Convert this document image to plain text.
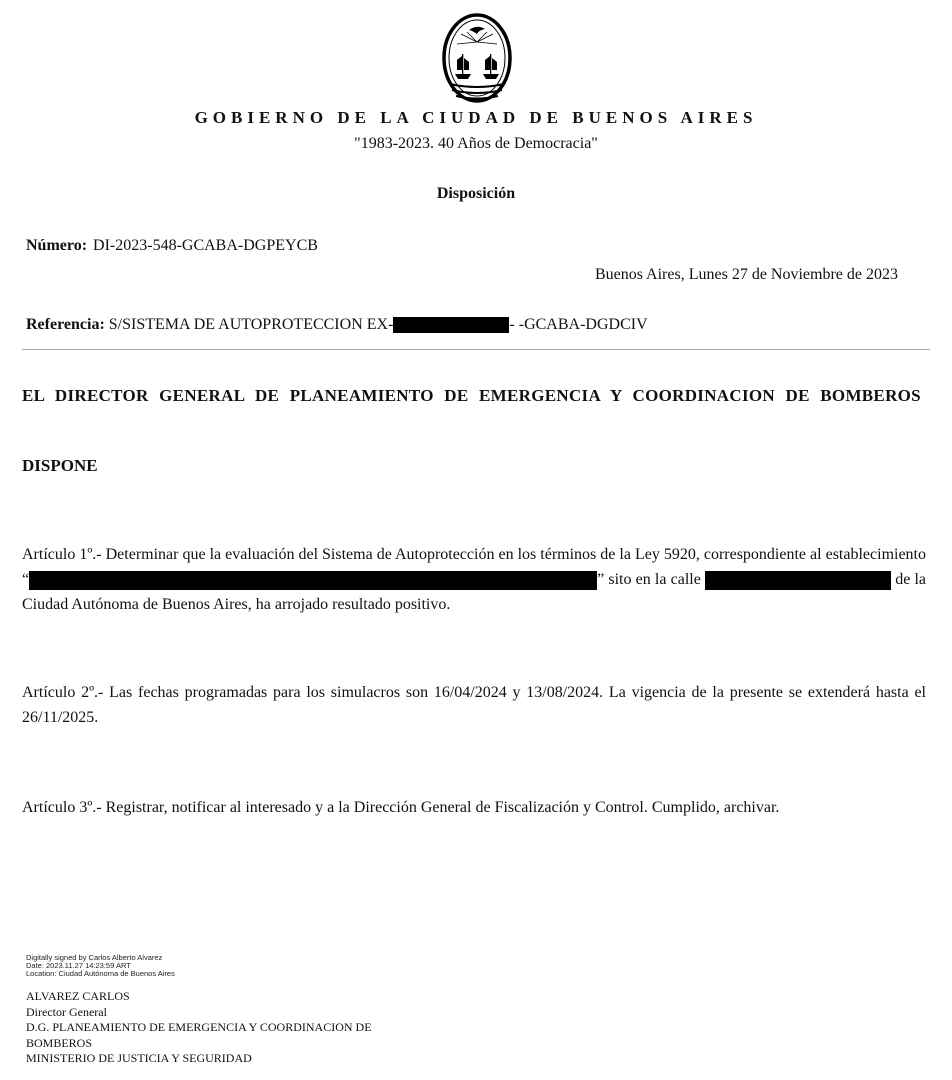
GOBIERNO DE LA CIUDAD DE BUENOS AIRES
"1983-2023. 40 Años de Democracia"
Disposición
Número: DI-2023-548-GCABA-DGPEYCB
Buenos Aires, Lunes 27 de Noviembre de 2023
Referencia: S/SISTEMA DE AUTOPROTECCION EX-	- -GCABA-DGDCIV
EL DIRECTOR GENERAL DE PLANEAMIENTO DE EMERGENCIA Y COORDINACION DE BOMBEROS
DISPONE
Artículo 1º.- Determinar que la evaluación del Sistema de Autoprotección en los términos de la Ley 5920, correspondiente al establecimiento “	” sito en la calle	de la Ciudad Autónoma de Buenos Aires, ha arrojado resultado positivo.
Artículo 2º.- Las fechas programadas para los simulacros son 16/04/2024 y 13/08/2024. La vigencia de la presente se extenderá hasta el 26/11/2025.
Artículo 3º.- Registrar, notificar al interesado y a la Dirección General de Fiscalización y Control. Cumplido, archivar.
Digitally signed by Carlos Alberto Alvarez
Date: 2023.11.27 14:23:59 ART
Location: Ciudad Autónoma de Buenos Aires
ALVAREZ CARLOS
Director General
D.G. PLANEAMIENTO DE EMERGENCIA Y COORDINACION DE
BOMBEROS
MINISTERIO DE JUSTICIA Y SEGURIDAD
